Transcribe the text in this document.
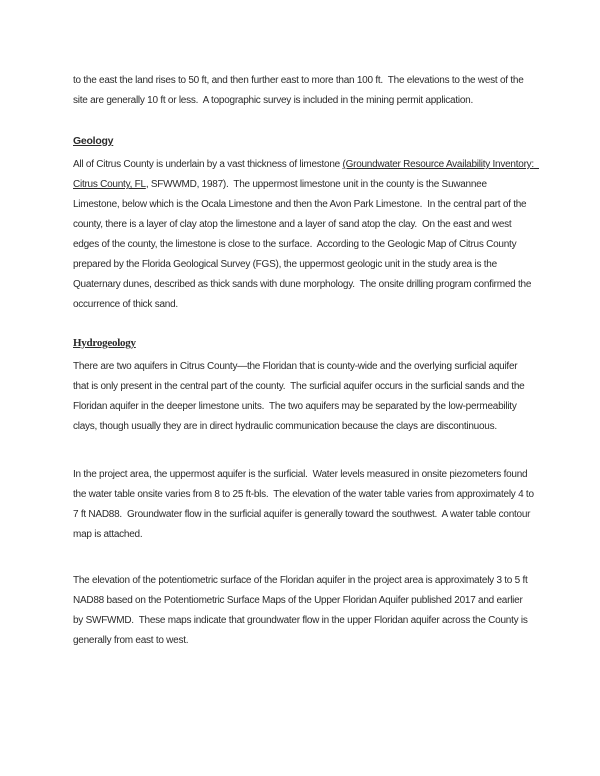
to the east the land rises to 50 ft, and then further east to more than 100 ft.  The elevations to the west of the site are generally 10 ft or less.  A topographic survey is included in the mining permit application.

Geology

All of Citrus County is underlain by a vast thickness of limestone (Groundwater Resource Availability Inventory:  Citrus County, FL, SFWWMD, 1987).  The uppermost limestone unit in the county is the Suwannee Limestone, below which is the Ocala Limestone and then the Avon Park Limestone.  In the central part of the county, there is a layer of clay atop the limestone and a layer of sand atop the clay.  On the east and west edges of the county, the limestone is close to the surface.  According to the Geologic Map of Citrus County prepared by the Florida Geological Survey (FGS), the uppermost geologic unit in the study area is the Quaternary dunes, described as thick sands with dune morphology.  The onsite drilling program confirmed the occurrence of thick sand.

Hydrogeology

There are two aquifers in Citrus County—the Floridan that is county-wide and the overlying surficial aquifer that is only present in the central part of the county.  The surficial aquifer occurs in the surficial sands and the Floridan aquifer in the deeper limestone units.  The two aquifers may be separated by the low-permeability clays, though usually they are in direct hydraulic communication because the clays are discontinuous.

In the project area, the uppermost aquifer is the surficial.  Water levels measured in onsite piezometers found the water table onsite varies from 8 to 25 ft-bls.  The elevation of the water table varies from approximately 4 to 7 ft NAD88.  Groundwater flow in the surficial aquifer is generally toward the southwest.  A water table contour map is attached.

The elevation of the potentiometric surface of the Floridan aquifer in the project area is approximately 3 to 5 ft NAD88 based on the Potentiometric Surface Maps of the Upper Floridan Aquifer published 2017 and earlier by SWFWMD.  These maps indicate that groundwater flow in the upper Floridan aquifer across the County is generally from east to west.
